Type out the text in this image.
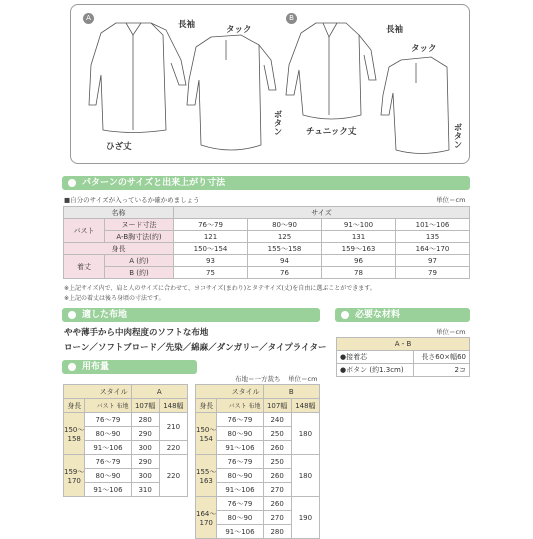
A	B
長袖	タック
ボタン
ひざ丈
長袖
タック
ボタン
チュニック丈
パターンのサイズと出来上がり寸法
■自分のサイズが入っているか確かめましょう	単位＝cm
名称		サイズ			
バスト	ヌード寸法	76〜79	80〜90	91〜100	101〜106
	A-B胸寸法(約)	121	125	131	135
身長		150〜154	155〜158	159〜163	164〜170
着丈	A (約)	93	94	96	97
	B (約)	75	76	78	79
※上記サイズ内で、肩と人のサイズに合わせて、ヨコサイズ(まわり)とタテサイズ(丈)を自由に選ぶことができます。
※上記の着丈は後ろ身頃の寸法です。
適した布地
やや薄手から中肉程度のソフトな布地
ローン／ソフトブロード／先染／綿麻／ダンガリー／タイプライター
必要な材料
単位＝cm
A・B	
●接着芯	長さ60×幅60
●ボタン (約1.3cm)	2コ
用布量
布地＝一方裁ち 単位＝cm
スタイル		A	
身長	バスト 布地	107幅	148幅
150〜158	76〜79	280	210
	80〜90	290	
	91〜106	300	220
159〜170	76〜79	290	220
	80〜90	300	
	91〜106	310	
スタイル		B	
身長	バスト 布地	107幅	148幅
150〜154	76〜79	240	180
	80〜90	250	
	91〜106	260	
155〜163	76〜79	250	180
	80〜90	260	
	91〜106	270	
164〜170	76〜79	260	190
	80〜90	270	
	91〜106	280	
